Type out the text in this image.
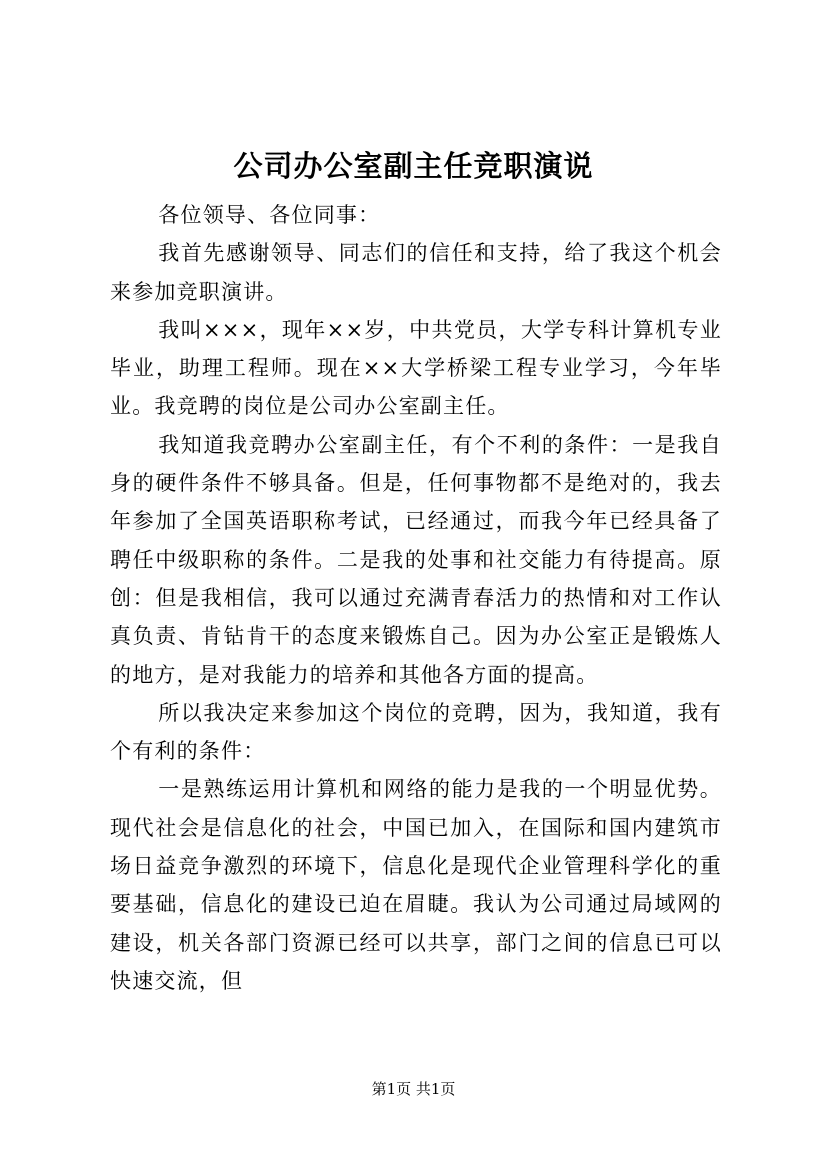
公司办公室副主任竞职演说

各位领导、各位同事：

我首先感谢领导、同志们的信任和支持，给了我这个机会来参加竞职演讲。

我叫×××，现年××岁，中共党员，大学专科计算机专业毕业，助理工程师。现在××大学桥梁工程专业学习，今年毕业。我竞聘的岗位是公司办公室副主任。

我知道我竞聘办公室副主任，有个不利的条件：一是我自身的硬件条件不够具备。但是，任何事物都不是绝对的，我去年参加了全国英语职称考试，已经通过，而我今年已经具备了聘任中级职称的条件。二是我的处事和社交能力有待提高。原创：但是我相信，我可以通过充满青春活力的热情和对工作认真负责、肯钻肯干的态度来锻炼自己。因为办公室正是锻炼人的地方，是对我能力的培养和其他各方面的提高。

所以我决定来参加这个岗位的竞聘，因为，我知道，我有个有利的条件：

一是熟练运用计算机和网络的能力是我的一个明显优势。现代社会是信息化的社会，中国已加入，在国际和国内建筑市场日益竞争激烈的环境下，信息化是现代企业管理科学化的重要基础，信息化的建设已迫在眉睫。我认为公司通过局域网的建设，机关各部门资源已经可以共享，部门之间的信息已可以快速交流，但

第1页 共1页
